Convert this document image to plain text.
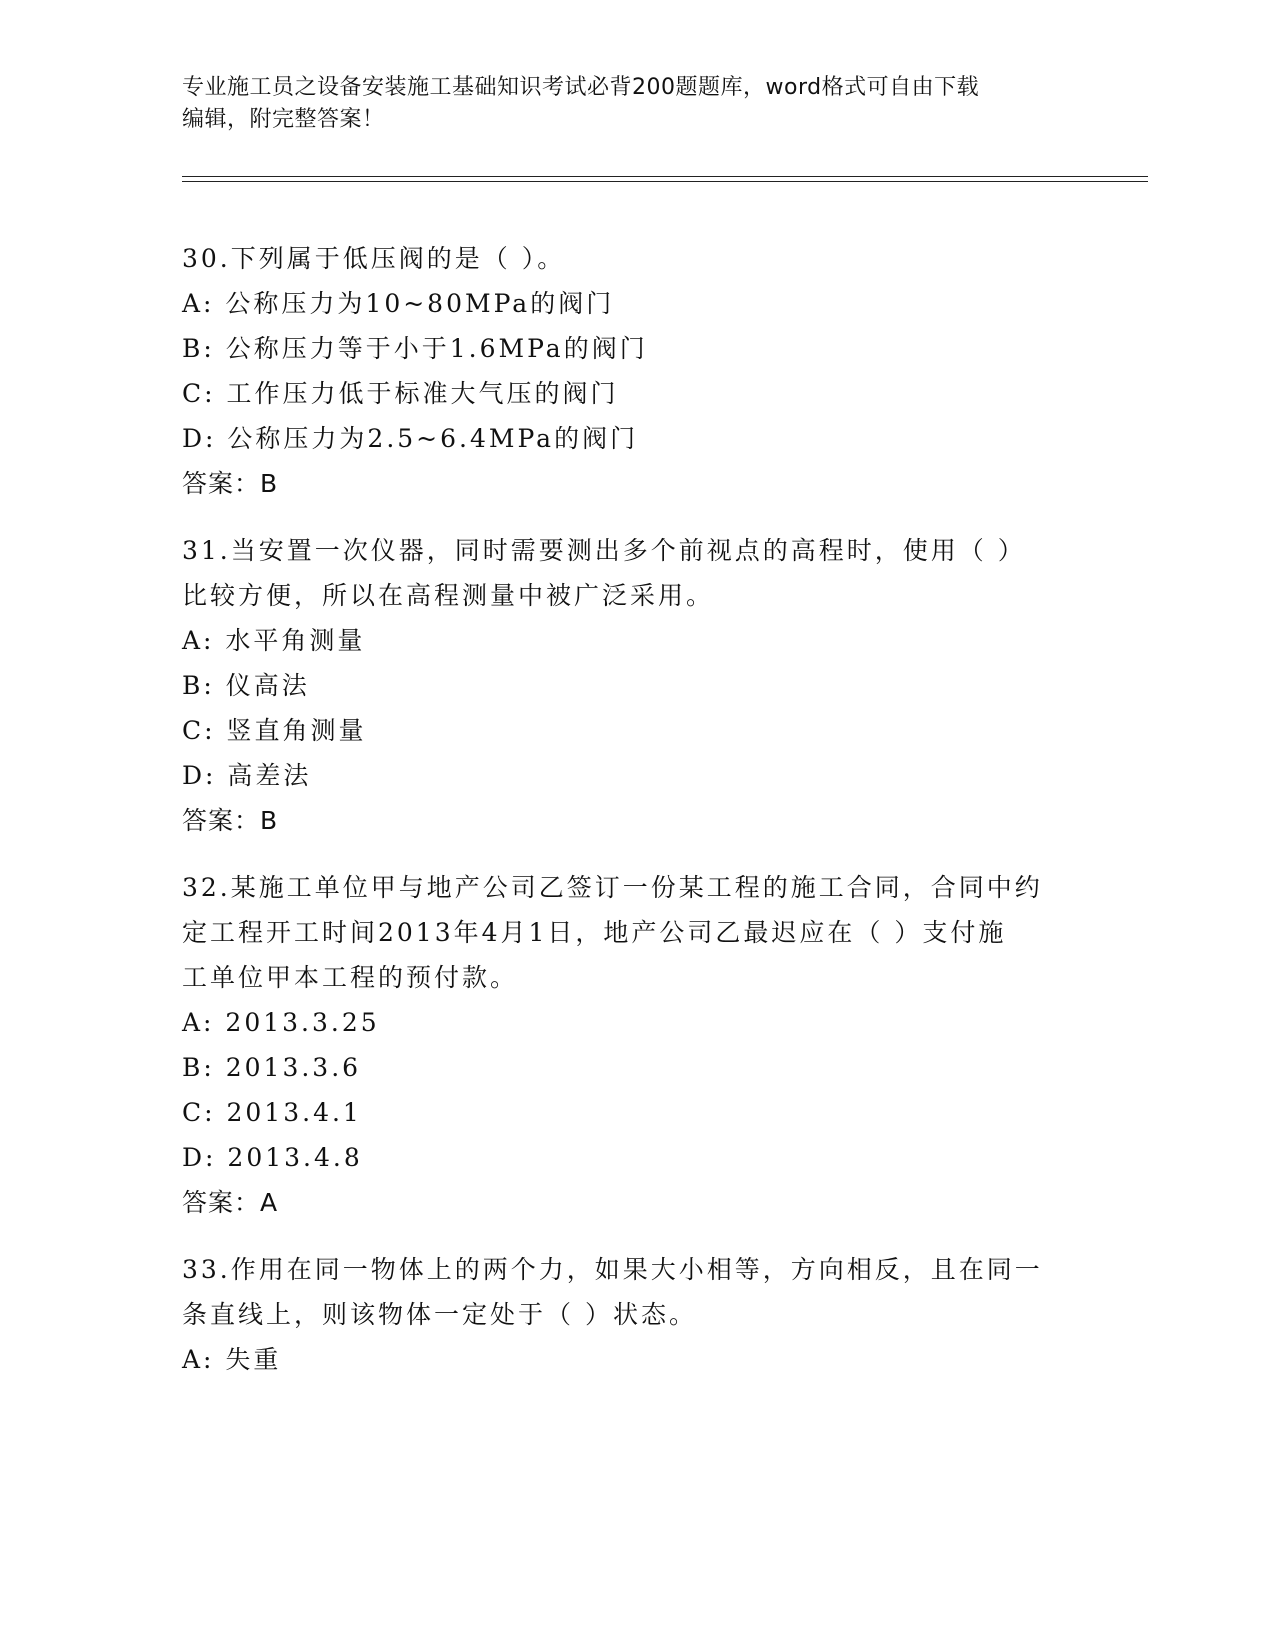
专业施工员之设备安装施工基础知识考试必背200题题库，word格式可自由下载
编辑，附完整答案！
30.下列属于低压阀的是（ ）。
A: 公称压力为10~80MPa的阀门
B: 公称压力等于小于1.6MPa的阀门
C: 工作压力低于标准大气压的阀门
D: 公称压力为2.5~6.4MPa的阀门
答案：B
31.当安置一次仪器，同时需要测出多个前视点的高程时，使用（ ）
比较方便，所以在高程测量中被广泛采用。
A: 水平角测量
B: 仪高法
C: 竖直角测量
D: 高差法
答案：B
32.某施工单位甲与地产公司乙签订一份某工程的施工合同，合同中约
定工程开工时间2013年4月1日，地产公司乙最迟应在（ ）支付施
工单位甲本工程的预付款。
A: 2013.3.25
B: 2013.3.6
C: 2013.4.1
D: 2013.4.8
答案：A
33.作用在同一物体上的两个力，如果大小相等，方向相反，且在同一
条直线上，则该物体一定处于（ ）状态。
A: 失重
